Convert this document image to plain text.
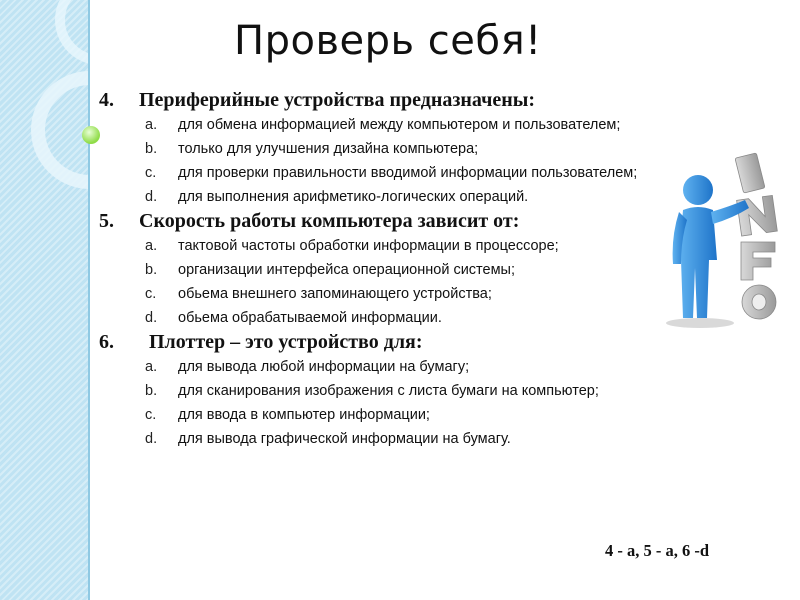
Проверь себя!
4. Периферийные устройства предназначены:
a.	для обмена информацией между компьютером и пользователем;
b.	только для улучшения дизайна компьютера;
c.	для проверки правильности вводимой информации пользователем;
d.	для выполнения арифметико-логических операций.
5. Скорость работы компьютера зависит от:
a.	тактовой частоты обработки информации в процессоре;
b.	организации интерфейса операционной системы;
c.	обьема внешнего запоминающего устройства;
d.	обьема обрабатываемой информации.
6. Плоттер – это устройство для:
a.	для вывода любой информации на бумагу;
b.	для сканирования изображения с листа бумаги на компьютер;
c.	для ввода в компьютер информации;
d.	для вывода графической информации на бумагу.
4 - a, 5 - a, 6 -d
